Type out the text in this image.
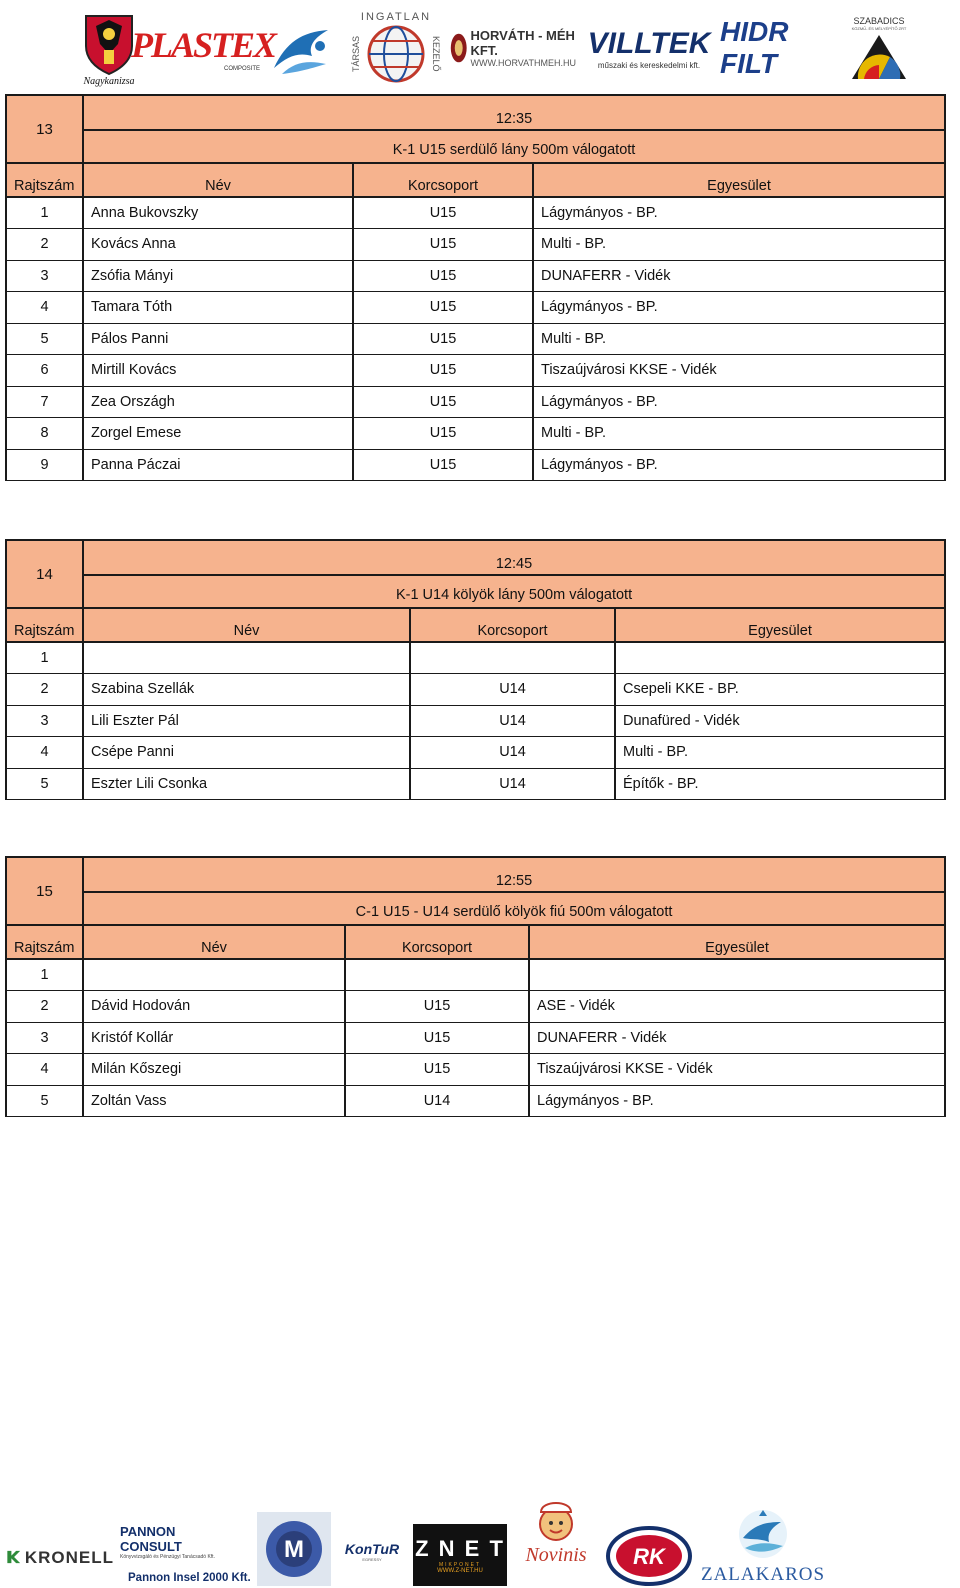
Nagykanizsa
PLASTEX
COMPOSITE
INGATLAN
TÁRSAS	KEZELŐ
HORVÁTH - MÉH KFT.
WWW.HORVATHMEH.HU
VILLTEK
műszaki és kereskedelmi kft.
HIDR FILT
SZABADICS
KÖZMŰ- ÉS MÉLYÉPÍTŐ ZRT
13	12:35		
	K-1 U15 serdülő lány 500m válogatott		
Rajtszám	Név	Korcsoport	Egyesület
1	Anna Bukovszky	U15	Lágymányos - BP.
2	Kovács Anna	U15	Multi - BP.
3	Zsófia Mányi	U15	DUNAFERR - Vidék
4	Tamara Tóth	U15	Lágymányos - BP.
5	Pálos Panni	U15	Multi - BP.
6	Mirtill Kovács	U15	Tiszaújvárosi KKSE - Vidék
7	Zea Országh	U15	Lágymányos - BP.
8	Zorgel Emese	U15	Multi - BP.
9	Panna Páczai	U15	Lágymányos - BP.
14	12:45		
	K-1 U14 kölyök lány 500m válogatott		
Rajtszám	Név	Korcsoport	Egyesület
1			
2	Szabina Szellák	U14	Csepeli KKE - BP.
3	Lili Eszter Pál	U14	Dunafüred - Vidék
4	Csépe Panni	U14	Multi - BP.
5	Eszter Lili Csonka	U14	Építők - BP.
15	12:55		
	C-1 U15 - U14 serdülő kölyök fiú 500m válogatott		
Rajtszám	Név	Korcsoport	Egyesület
1			
2	Dávid Hodován	U15	ASE - Vidék
3	Kristóf Kollár	U15	DUNAFERR - Vidék
4	Milán Kőszegi	U15	Tiszaújvárosi KKSE - Vidék
5	Zoltán Vass	U14	Lágymányos - BP.
KRONELL
PANNON CONSULT
Könyvvizsgáló és Pénzügyi Tanácsadó Kft.
Pannon Insel 2000 Kft.
M	KonTuR
EGRESSY Z N E T
MIKPONET
WWW.Z-NET.HU
Novinis RK
ZALAKAROS
